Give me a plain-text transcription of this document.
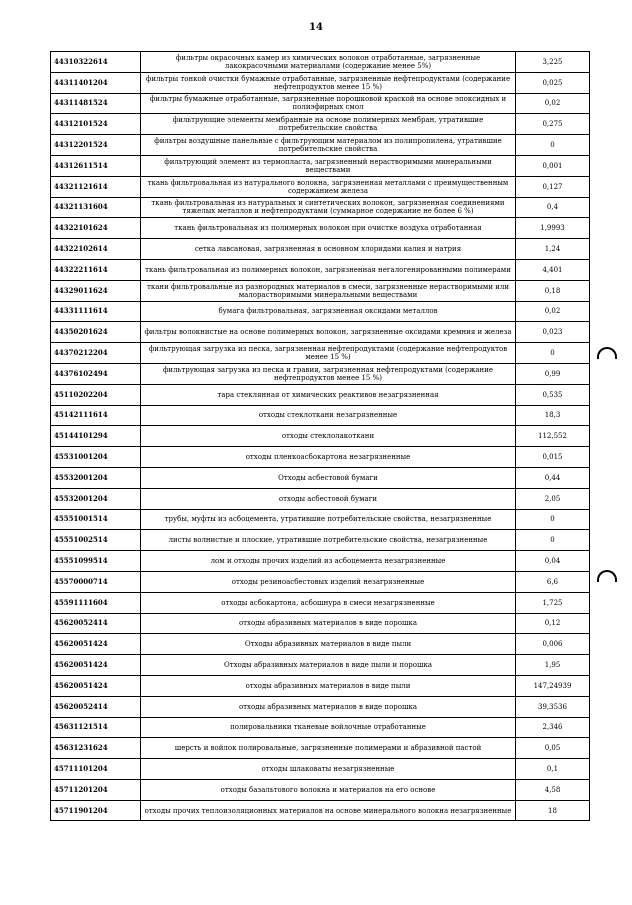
14
44310322614	фильтры окрасочных камер из химических волокон отработанные, загрязненные лакокрасочными материалами (содержание менее 5%)	3,225
44311401204	фильтры тонкой очистки бумажные отработанные, загрязненные нефтепродуктами (содержание нефтепродуктов менее 15 %)	0,025
44311481524	фильтры бумажные отработанные, загрязненные порошковой краской на основе эпоксидных и полиэфирных смол	0,02
44312101524	фильтрующие элементы мембранные на основе полимерных мембран, утратившие потребительские свойства	0,275
44312201524	фильтры воздушные панельные с фильтрующим материалом из полипропилена, утратившие потребительские свойства	0
44312611514	фильтрующий элемент из термопласта, загрязненный нерастворимыми минеральными веществами	0,001
44321121614	ткань фильтровальная из натурального волокна, загрязненная металлами с преимущественным содержанием железа	0,127
44321131604	ткань фильтровальная из натуральных и синтетических волокон, загрязненная соединениями тяжелых металлов и нефтепродуктами (суммарное содержание не более 6 %)	0,4
44322101624	ткань фильтровальная из полимерных волокон при очистке воздуха отработанная	1,9993
44322102614	сетка лавсановая, загрязненная в основном хлоридами калия и натрия	1,24
44322211614	ткань фильтровальная из полимерных волокон, загрязненная негалогенированными полимерами	4,401
44329011624	ткани фильтровальные из разнородных материалов в смеси, загрязненные нерастворимыми или малорастворимыми минеральными веществами	0,18
44331111614	бумага фильтровальная, загрязненная оксидами металлов	0,02
44350201624	фильтры волокнистые на основе полимерных волокон, загрязненные оксидами кремния и железа	0,023
44370212204	фильтрующая загрузка из песка, загрязненная нефтепродуктами (содержание нефтепродуктов менее 15 %)	0
44376102494	фильтрующая загрузка из песка и гравия, загрязненная нефтепродуктами (содержание нефтепродуктов менее 15 %)	0,99
45110202204	тара стеклянная от химических реактивов незагрязненная	0,535
45142111614	отходы стеклоткани незагрязненные	18,3
45144101294	отходы стеклолакоткани	112,552
45531001204	отходы пленкоасбокартона незагрязненные	0,015
45532001204	Отходы асбестовой бумаги	0,44
45532001204	отходы асбестовой бумаги	2,05
45551001514	трубы, муфты из асбоцемента, утратившие потребительские свойства, незагрязненные	0
45551002514	листы волнистые и плоские, утратившие потребительские свойства, незагрязненные	0
45551099514	лом и отходы прочих изделий из асбоцемента незагрязненные	0,04
45570000714	отходы резиноасбестовых изделий незагрязненные	6,6
45591111604	отходы асбокартона, асбошнура в смеси незагрязненные	1,725
45620052414	отходы абразивных материалов в виде порошка	0,12
45620051424	Отходы абразивных материалов в виде пыли	0,006
45620051424	Отходы абразивных материалов в виде пыли и порошка	1,95
45620051424	отходы абразивных материалов в виде пыли	147,24939
45620052414	отходы абразивных материалов в виде порошка	39,3536
45631121514	полировальники тканевые войлочные отработанные	2,346
45631231624	шерсть и войлок полировальные, загрязненные полимерами и абразивной пастой	0,05
45711101204	отходы шлаковаты незагрязненные	0,1
45711201204	отходы базальтового волокна и материалов на его основе	4,58
45711901204	отходы прочих теплоизоляционных материалов на основе минерального волокна незагрязненные	18
